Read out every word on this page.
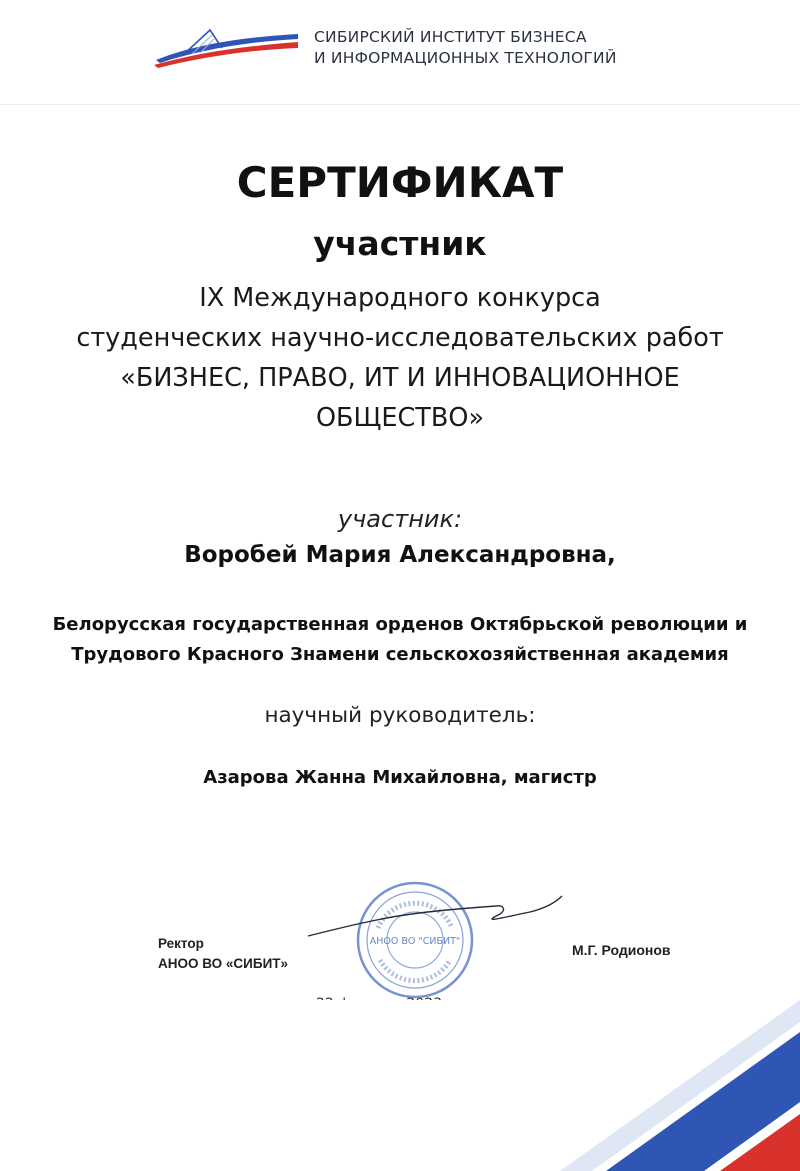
СИБИРСКИЙ ИНСТИТУТ БИЗНЕСА
И ИНФОРМАЦИОННЫХ ТЕХНОЛОГИЙ
СЕРТИФИКАТ
участник
IX Международного конкурса
студенческих научно-исследовательских работ
«БИЗНЕС, ПРАВО, ИТ И ИННОВАЦИОННОЕ
ОБЩЕСТВО»
участник:
Воробей Мария Александровна,
Белорусская государственная орденов Октябрьской революции и
Трудового Красного Знамени сельскохозяйственная академия
научный руководитель:
Азарова Жанна Михайловна, магистр
Ректор
АНОО ВО «СИБИТ»
АНОО ВО "СИБИТ"
М.Г. Родионов
